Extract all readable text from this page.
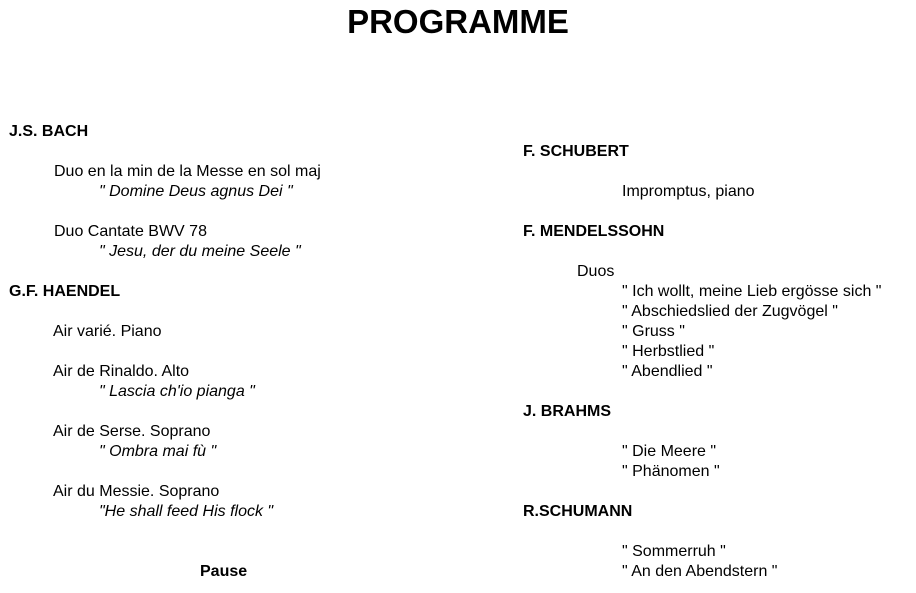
PROGRAMME
J.S. BACH
Duo en la min de la Messe en sol maj
" Domine Deus agnus Dei "
Duo Cantate BWV 78
" Jesu, der du meine Seele "
G.F. HAENDEL
Air varié. Piano
Air de Rinaldo. Alto
" Lascia ch'io pianga "
Air de Serse. Soprano
" Ombra mai fù "
Air du Messie. Soprano
"He shall feed His flock "
Pause
F. SCHUBERT
Impromptus, piano
F. MENDELSSOHN
Duos
" Ich wollt, meine Lieb ergösse sich "
" Abschiedslied der Zugvögel "
" Gruss "
" Herbstlied "
" Abendlied "
J. BRAHMS
" Die Meere "
" Phänomen "
R.SCHUMANN
" Sommerruh "
" An den Abendstern "
